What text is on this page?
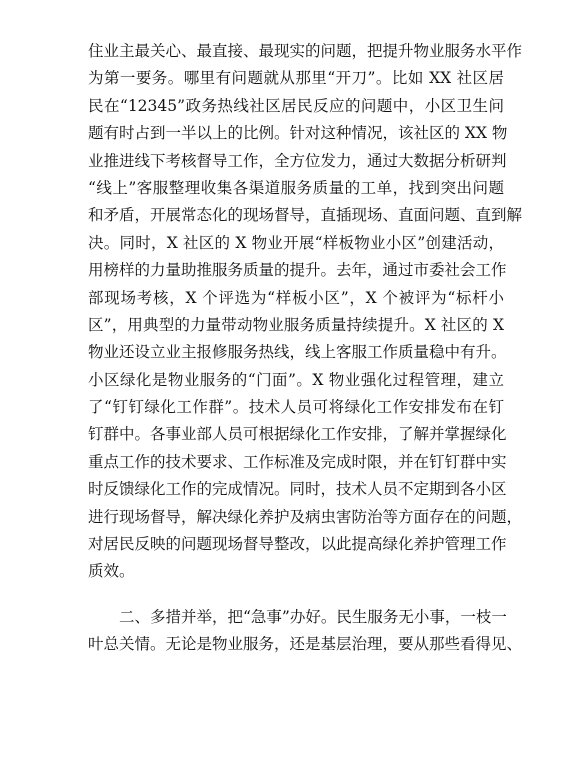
住业主最关心、最直接、最现实的问题，把提升物业服务水平作
为第一要务。哪里有问题就从那里“开刀”。比如 XX 社区居
民在“12345”政务热线社区居民反应的问题中，小区卫生问
题有时占到一半以上的比例。针对这种情况，该社区的 XX 物
业推进线下考核督导工作，全方位发力，通过大数据分析研判
“线上”客服整理收集各渠道服务质量的工单，找到突出问题
和矛盾，开展常态化的现场督导，直插现场、直面问题、直到解
决。同时，X 社区的 X 物业开展“样板物业小区”创建活动，
用榜样的力量助推服务质量的提升。去年，通过市委社会工作
部现场考核，X 个评选为“样板小区”，X 个被评为“标杆小
区”，用典型的力量带动物业服务质量持续提升。X 社区的 X
物业还设立业主报修服务热线，线上客服工作质量稳中有升。
小区绿化是物业服务的“门面”。X 物业强化过程管理，建立
了“钉钉绿化工作群”。技术人员可将绿化工作安排发布在钉
钉群中。各事业部人员可根据绿化工作安排，了解并掌握绿化
重点工作的技术要求、工作标准及完成时限，并在钉钉群中实
时反馈绿化工作的完成情况。同时，技术人员不定期到各小区
进行现场督导，解决绿化养护及病虫害防治等方面存在的问题，
对居民反映的问题现场督导整改，以此提高绿化养护管理工作
质效。
二、多措并举，把“急事”办好。民生服务无小事，一枝一
叶总关情。无论是物业服务，还是基层治理，要从那些看得见、
